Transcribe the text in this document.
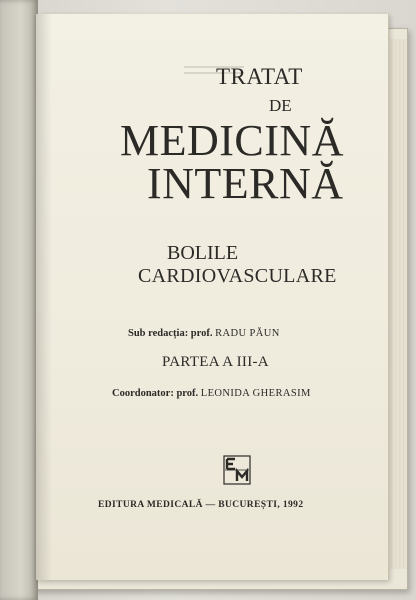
TRATAT
DE
MEDICINĂ
INTERNĂ
BOLILE
CARDIOVASCULARE
Sub redacția: prof. RADU PĂUN
PARTEA A III-A
Coordonator: prof. LEONIDA GHERASIM
EDITURA MEDICALĂ — BUCUREȘTI, 1992
